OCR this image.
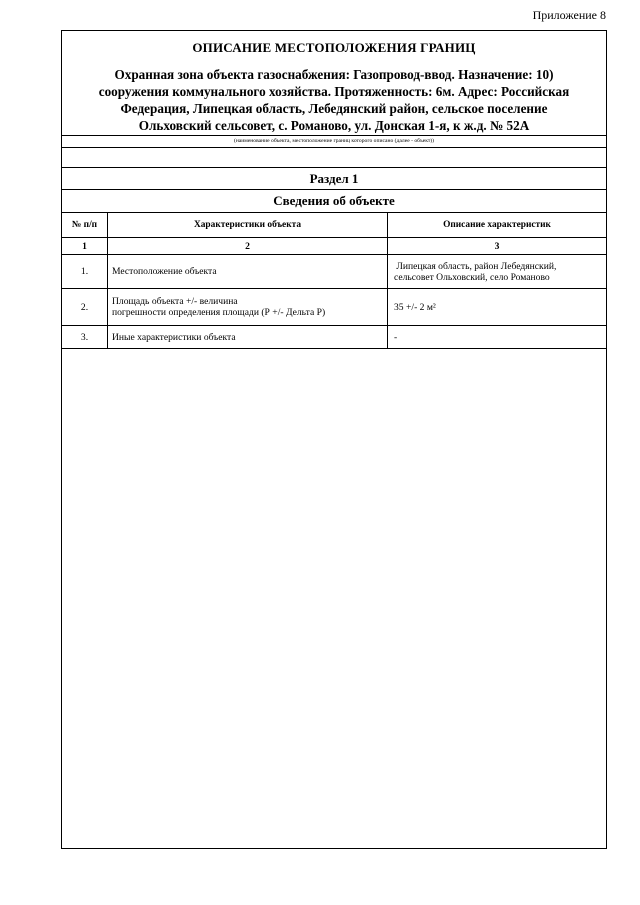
Приложение 8
ОПИСАНИЕ МЕСТОПОЛОЖЕНИЯ ГРАНИЦ
Охранная зона объекта газоснабжения: Газопровод-ввод. Назначение: 10)
сооружения коммунального хозяйства. Протяженность: 6м. Адрес: Российская
Федерация, Липецкая область, Лебедянский район, сельское поселение
Ольховский сельсовет, с. Романово, ул. Донская 1-я, к ж.д. № 52А
(наименование объекта, местоположение границ которого описано (далее - объект))
Раздел 1
Сведения об объекте
№ п/п	Характеристики объекта	Описание характеристик
1	2	3
1.	Местоположение объекта	Липецкая область, район Лебедянский,
сельсовет Ольховский, село Романово

2.	Площадь объекта +/- величина
погрешности определения площади (Р +/- Дельта Р)	35 +/- 2 м²

3.	Иные характеристики объекта	-
